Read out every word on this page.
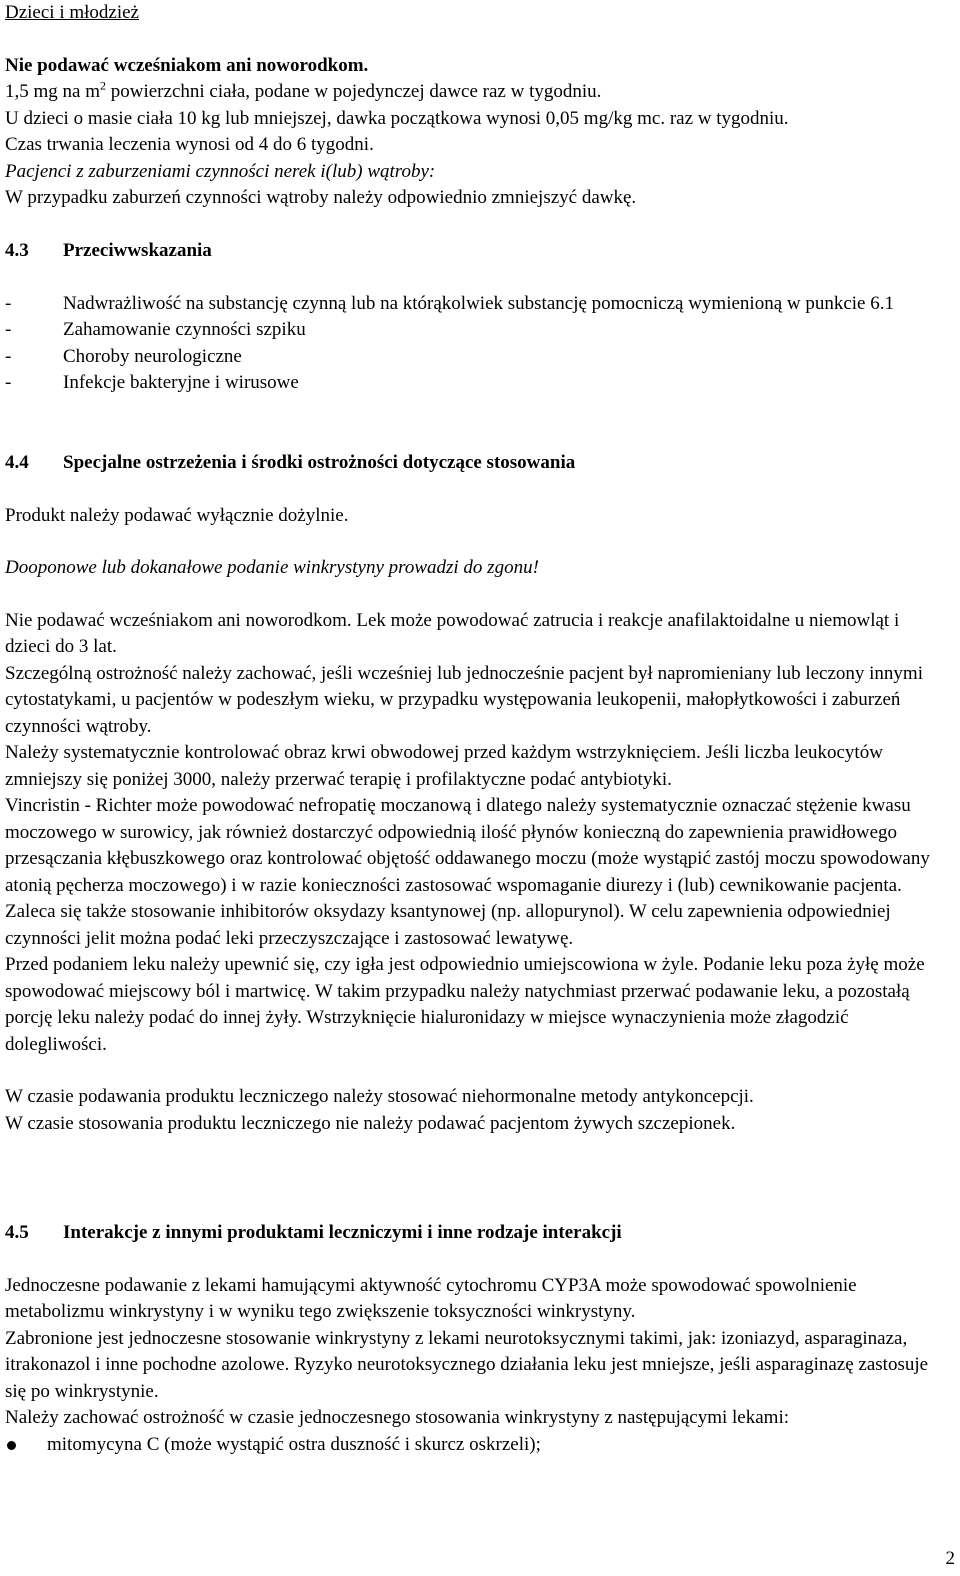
Dzieci i młodzież

Nie podawać wcześniakom ani noworodkom.

1,5 mg na $m^2$ powierzchni ciała, podane w pojedynczej dawce raz w tygodniu.

U dzieci o masie ciała 10 kg lub mniejszej, dawka początkowa wynosi 0,05 mg/kg mc. raz w tygodniu.

Czas trwania leczenia wynosi od 4 do 6 tygodni.

Pacjenci z zaburzeniami czynności nerek i(lub) wątroby:

W przypadku zaburzeń czynności wątroby należy odpowiednio zmniejszyć dawkę.

4.3	Przeciwwskazania
-	Nadwrażliwość na substancję czynną lub na którąkolwiek substancję pomocniczą wymienioną w punkcie 6.1
-	Zahamowanie czynności szpiku
-	Choroby neurologiczne
-	Infekcje bakteryjne i wirusowe
4.4	Specjalne ostrzeżenia i środki ostrożności dotyczące stosowania

Produkt należy podawać wyłącznie dożylnie.

Dooponowe lub dokanałowe podanie winkrystyny prowadzi do zgonu!

Nie podawać wcześniakom ani noworodkom. Lek może powodować zatrucia i reakcje anafilaktoidalne u niemowląt i dzieci do 3 lat.

Szczególną ostrożność należy zachować, jeśli wcześniej lub jednocześnie pacjent był napromieniany lub leczony innymi cytostatykami, u pacjentów w podeszłym wieku, w przypadku występowania leukopenii, małopłytkowości i zaburzeń czynności wątroby.

Należy systematycznie kontrolować obraz krwi obwodowej przed każdym wstrzyknięciem. Jeśli liczba leukocytów zmniejszy się poniżej 3000, należy przerwać terapię i profilaktyczne podać antybiotyki.

Vincristin - Richter może powodować nefropatię moczanową i dlatego należy systematycznie oznaczać stężenie kwasu moczowego w surowicy, jak również dostarczyć odpowiednią ilość płynów konieczną do zapewnienia prawidłowego przesączania kłębuszkowego oraz kontrolować objętość oddawanego moczu (może wystąpić zastój moczu spowodowany atonią pęcherza moczowego) i w razie konieczności zastosować wspomaganie diurezy i (lub) cewnikowanie pacjenta. Zaleca się także stosowanie inhibitorów oksydazy ksantynowej (np. allopurynol). W celu zapewnienia odpowiedniej czynności jelit można podać leki przeczyszczające i zastosować lewatywę.

Przed podaniem leku należy upewnić się, czy igła jest odpowiednio umiejscowiona w żyle. Podanie leku poza żyłę może spowodować miejscowy ból i martwicę. W takim przypadku należy natychmiast przerwać podawanie leku, a pozostałą porcję leku należy podać do innej żyły. Wstrzyknięcie hialuronidazy w miejsce wynaczynienia może złagodzić dolegliwości.

W czasie podawania produktu leczniczego należy stosować niehormonalne metody antykoncepcji.

W czasie stosowania produktu leczniczego nie należy podawać pacjentom żywych szczepionek.

4.5	Interakcje z innymi produktami leczniczymi i inne rodzaje interakcji

Jednoczesne podawanie z lekami hamującymi aktywność cytochromu CYP3A może spowodować spowolnienie metabolizmu winkrystyny i w wyniku tego zwiększenie toksyczności winkrystyny.

Zabronione jest jednoczesne stosowanie winkrystyny z lekami neurotoksycznymi takimi, jak: izoniazyd, asparaginaza, itrakonazol i inne pochodne azolowe. Ryzyko neurotoksycznego działania leku jest mniejsze, jeśli asparaginazę zastosuje się po winkrystynie.

Należy zachować ostrożność w czasie jednoczesnego stosowania winkrystyny z następującymi lekami:

mitomycyna C (może wystąpić ostra duszność i skurcz oskrzeli);
2
